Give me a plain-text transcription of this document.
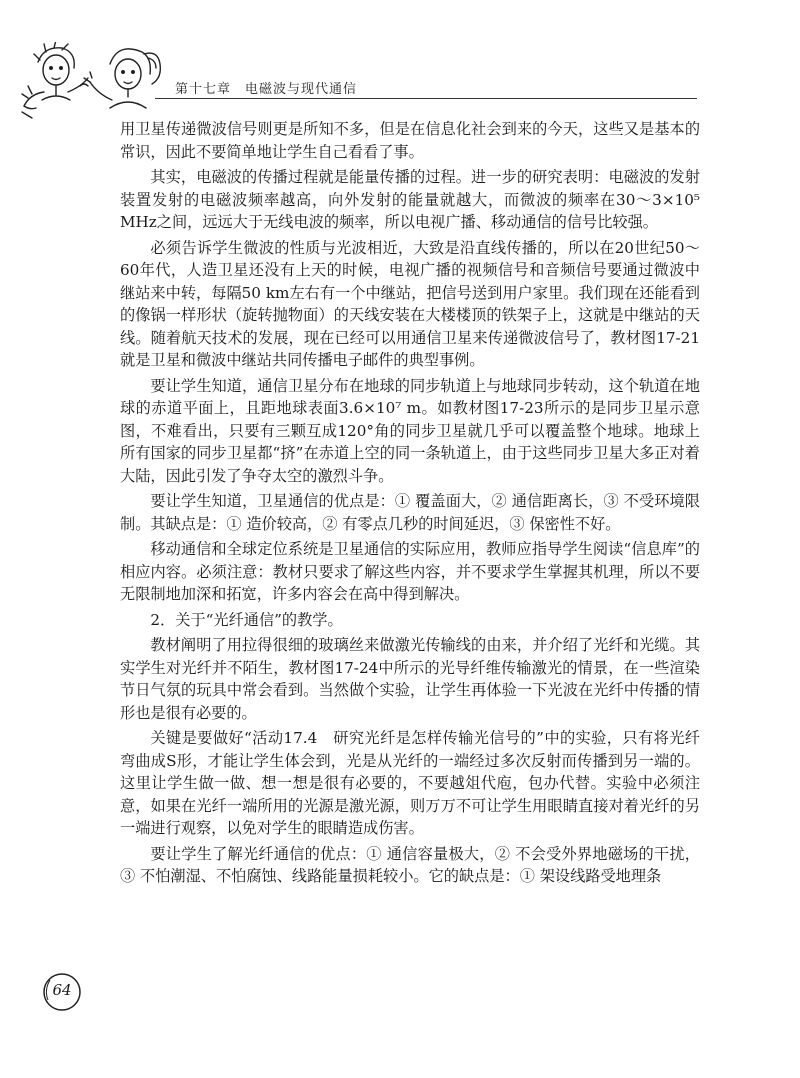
第十七章　电磁波与现代通信

用卫星传递微波信号则更是所知不多，但是在信息化社会到来的今天，这些又是基本的常识，因此不要简单地让学生自己看看了事。

其实，电磁波的传播过程就是能量传播的过程。进一步的研究表明：电磁波的发射装置发射的电磁波频率越高，向外发射的能量就越大，而微波的频率在30～3×10⁵ MHz之间，远远大于无线电波的频率，所以电视广播、移动通信的信号比较强。

必须告诉学生微波的性质与光波相近，大致是沿直线传播的，所以在20世纪50～60年代，人造卫星还没有上天的时候，电视广播的视频信号和音频信号要通过微波中继站来中转，每隔50 km左右有一个中继站，把信号送到用户家里。我们现在还能看到的像锅一样形状（旋转抛物面）的天线安装在大楼楼顶的铁架子上，这就是中继站的天线。随着航天技术的发展，现在已经可以用通信卫星来传递微波信号了，教材图17-21就是卫星和微波中继站共同传播电子邮件的典型事例。

要让学生知道，通信卫星分布在地球的同步轨道上与地球同步转动，这个轨道在地球的赤道平面上，且距地球表面3.6×10⁷ m。如教材图17-23所示的是同步卫星示意图，不难看出，只要有三颗互成120°角的同步卫星就几乎可以覆盖整个地球。地球上所有国家的同步卫星都“挤”在赤道上空的同一条轨道上，由于这些同步卫星大多正对着大陆，因此引发了争夺太空的激烈斗争。

要让学生知道，卫星通信的优点是：① 覆盖面大，② 通信距离长，③ 不受环境限制。其缺点是：① 造价较高，② 有零点几秒的时间延迟，③ 保密性不好。

移动通信和全球定位系统是卫星通信的实际应用，教师应指导学生阅读“信息库”的相应内容。必须注意：教材只要求了解这些内容，并不要求学生掌握其机理，所以不要无限制地加深和拓宽，许多内容会在高中得到解决。

2．关于“光纤通信”的教学。

教材阐明了用拉得很细的玻璃丝来做激光传输线的由来，并介绍了光纤和光缆。其实学生对光纤并不陌生，教材图17-24中所示的光导纤维传输激光的情景，在一些渲染节日气氛的玩具中常会看到。当然做个实验，让学生再体验一下光波在光纤中传播的情形也是很有必要的。

关键是要做好“活动17.4　研究光纤是怎样传输光信号的”中的实验，只有将光纤弯曲成S形，才能让学生体会到，光是从光纤的一端经过多次反射而传播到另一端的。这里让学生做一做、想一想是很有必要的，不要越俎代庖，包办代替。实验中必须注意，如果在光纤一端所用的光源是激光源，则万万不可让学生用眼睛直接对着光纤的另一端进行观察，以免对学生的眼睛造成伤害。

要让学生了解光纤通信的优点：① 通信容量极大，② 不会受外界地磁场的干扰，③ 不怕潮湿、不怕腐蚀、线路能量损耗较小。它的缺点是：① 架设线路受地理条

64
